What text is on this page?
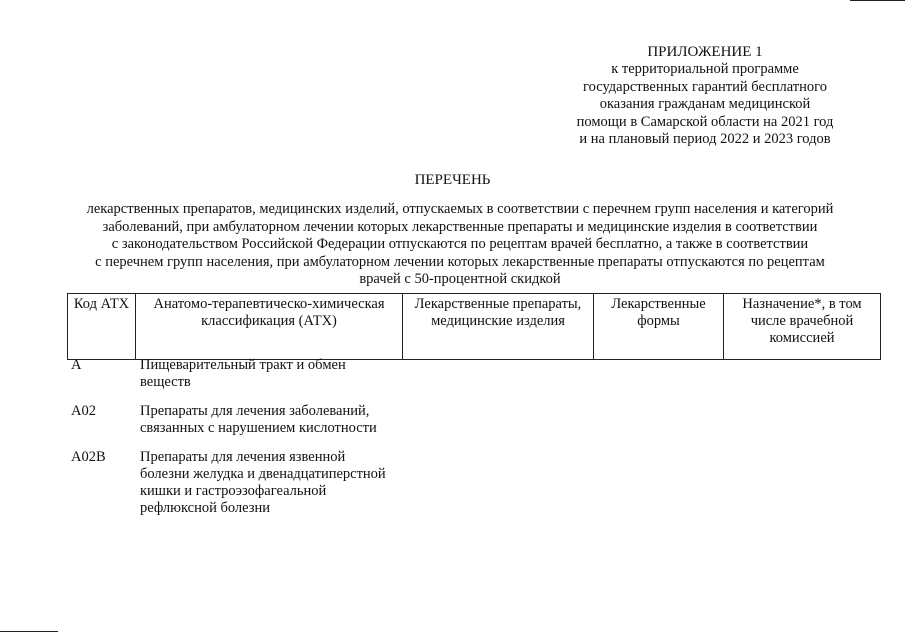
ПРИЛОЖЕНИЕ 1
к территориальной программе
государственных гарантий бесплатного
оказания гражданам медицинской
помощи в Самарской области на 2021 год
и на плановый период 2022 и 2023 годов
ПЕРЕЧЕНЬ
лекарственных препаратов, медицинских изделий, отпускаемых в соответствии с перечнем групп населения и категорий
заболеваний, при амбулаторном лечении которых лекарственные препараты и медицинские изделия в соответствии
с законодательством Российской Федерации отпускаются по рецептам врачей бесплатно, а также в соответствии
с перечнем групп населения, при амбулаторном лечении которых лекарственные препараты отпускаются по рецептам
врачей с 50-процентной скидкой
Код АТХ	Анатомо-терапевтическо-химическая классификация (АТХ)	Лекарственные препараты, медицинские изделия	Лекарственные формы	Назначение*, в том числе врачебной комиссией
A	Пищеварительный тракт и обмен веществ
A02	Препараты для лечения заболеваний, связанных с нарушением кислотности
A02B	Препараты для лечения язвенной болезни желудка и двенадцатиперстной кишки и гастроэзофагеальной рефлюксной болезни
